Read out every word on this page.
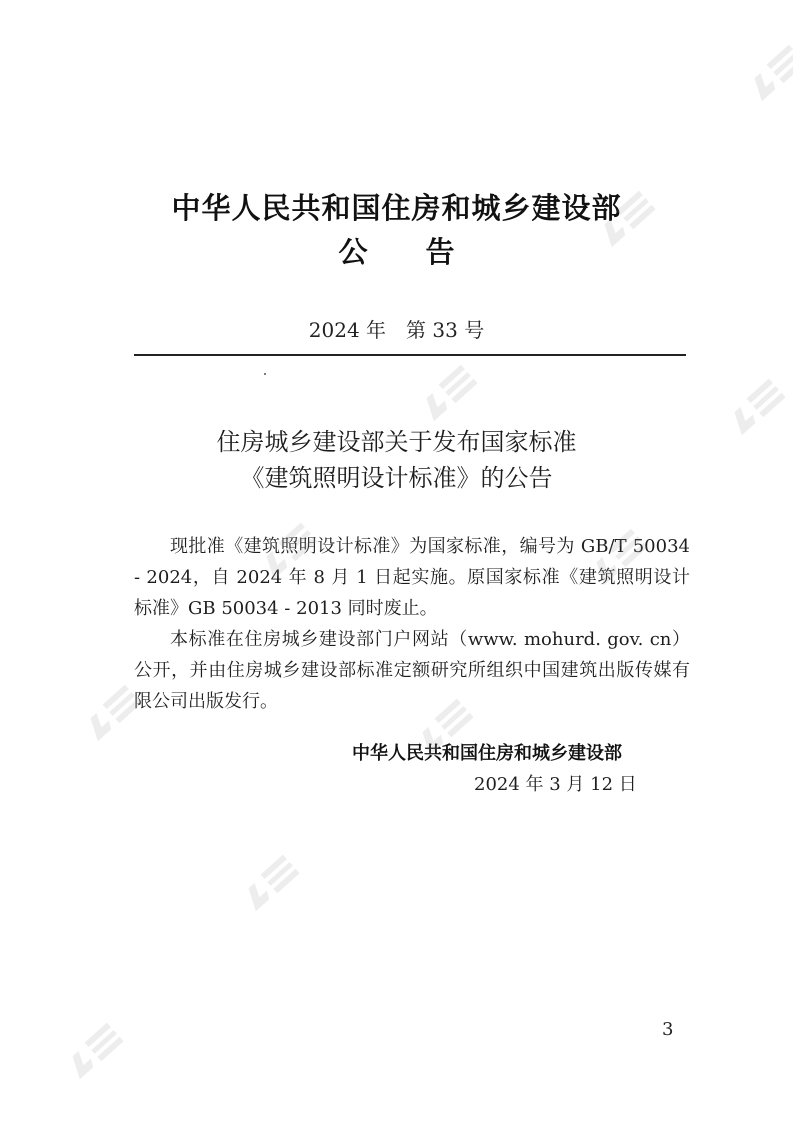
中华人民共和国住房和城乡建设部
公告
2024 年　第 33 号
住房城乡建设部关于发布国家标准
《建筑照明设计标准》的公告

现批准《建筑照明设计标准》为国家标准，编号为 GB/T 50034 - 2024，自 2024 年 8 月 1 日起实施。原国家标准《建筑照明设计标准》GB 50034 - 2013 同时废止。

本标准在住房城乡建设部门户网站（www. mohurd. gov. cn）公开，并由住房城乡建设部标准定额研究所组织中国建筑出版传媒有限公司出版发行。

中华人民共和国住房和城乡建设部
2024 年 3 月 12 日
3
